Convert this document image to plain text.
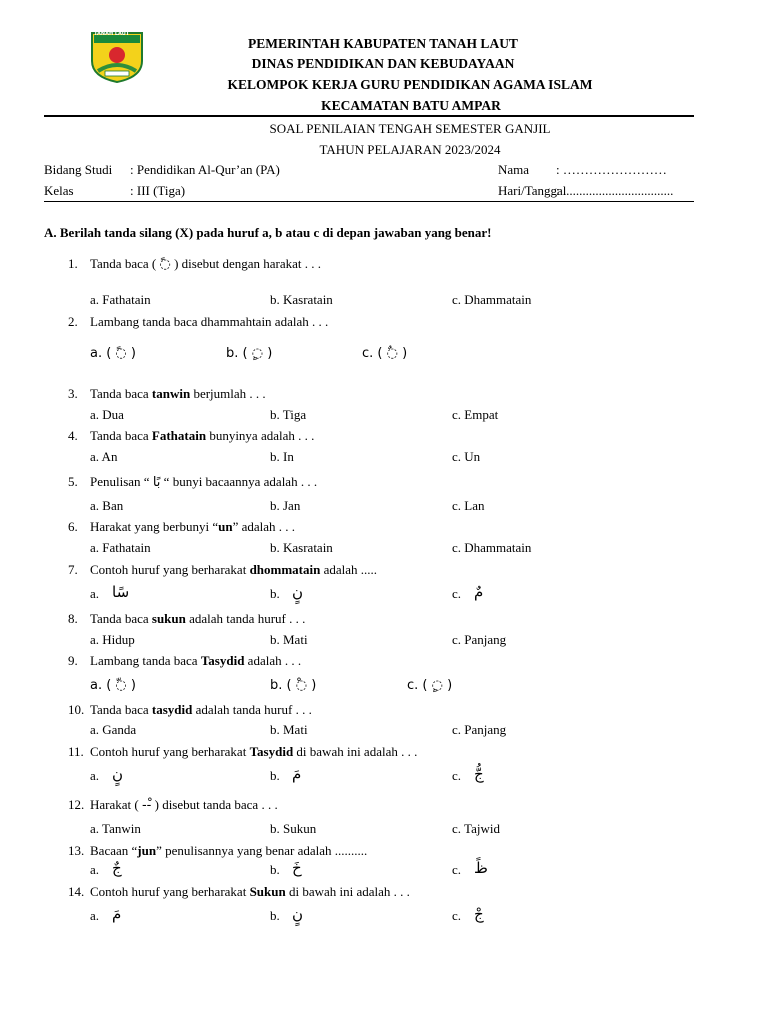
TANAH LAUT
PEMERINTAH KABUPATEN TANAH LAUT
DINAS PENDIDIKAN DAN KEBUDAYAAN
KELOMPOK KERJA GURU PENDIDIKAN AGAMA ISLAM
KECAMATAN BATU AMPAR
SOAL PENILAIAN TENGAH SEMESTER GANJIL
TAHUN PELAJARAN 2023/2024
Bidang Studi : Pendidikan Al-Qur’an (PA)	Nama : ……………………
Kelas	: III (Tiga)	Hari/Tanggal
: ..................................
A. Berilah tanda silang (X) pada huruf a, b atau c di depan jawaban yang benar!
1. Tanda baca ( ◌ً ) disebut dengan harakat . . .
a. Fathatain	b. Kasratain	c. Dhammatain
2. Lambang tanda baca dhammahtain adalah . . .
a. ( ◌ً )	b. ( ◌ٍ )	c. ( ◌ٌ )
3. Tanda baca tanwin berjumlah . . .
a. Dua	b. Tiga	c. Empat
4. Tanda baca Fathatain bunyinya adalah . . .
a. An	b. In	c. Un
5. Penulisan “ بًا “ bunyi bacaannya adalah . . .
a. Ban	b. Jan	c. Lan
6. Harakat yang berbunyi “un” adalah . . .
a. Fathatain	b. Kasratain	c. Dhammatain
7. Contoh huruf yang berharakat dhommatain adalah .....
a. سًا	b. نٍ	c. مٌ
8. Tanda baca sukun adalah tanda huruf . . .
a. Hidup	b. Mati	c. Panjang
9. Lambang tanda baca Tasydid adalah . . .
a. ( ◌ّ )	b. ( ◌ْ )	c. ( ◌ٍ )
10. Tanda baca tasydid adalah tanda huruf . . .
a. Ganda	b. Mati	c. Panjang
11. Contoh huruf yang berharakat Tasydid di bawah ini adalah . . .
a. نٍ	b. مَ	c. جُّ
12. Harakat ( --ْ ) disebut tanda baca . . .
a. Tanwin	b. Sukun	c. Tajwid
13. Bacaan “jun” penulisannya yang benar adalah ..........
a. جٌ	b. خَ	c. ظً
14. Contoh huruf yang berharakat Sukun di bawah ini adalah . . .
a. مَ	b. نٍ	c. جْ
